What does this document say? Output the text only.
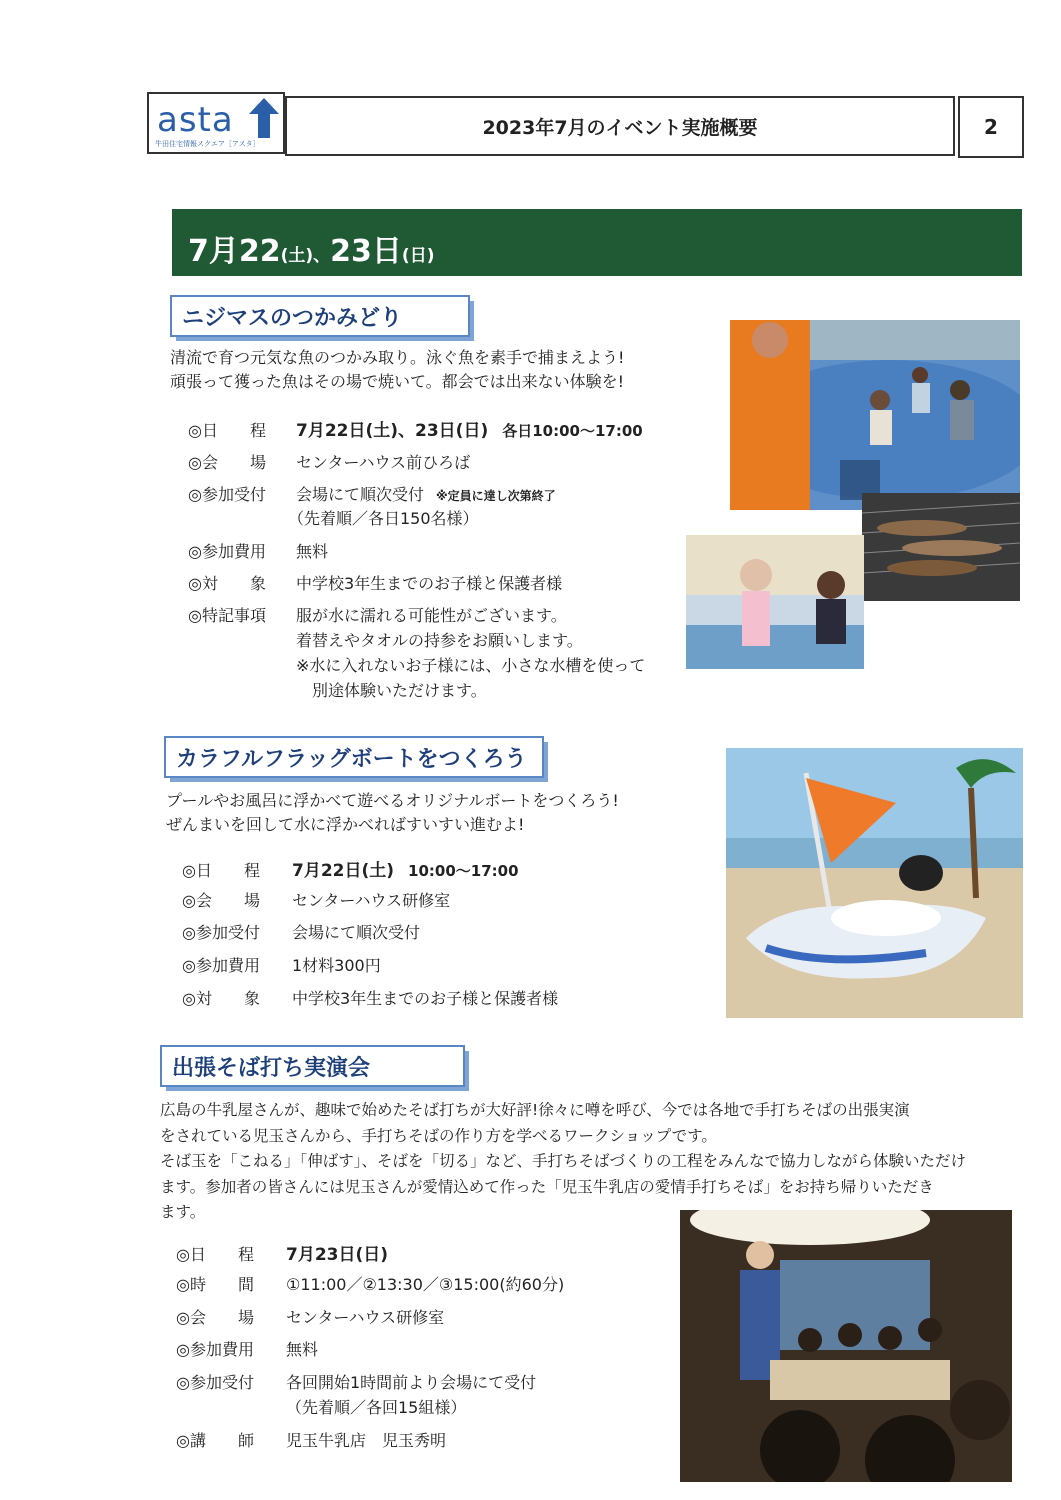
asta
牛田住宅情報スクエア［アスタ］
2023年7月のイベント実施概要	2
7月22(土)、23日(日)
ニジマスのつかみどり
清流で育つ元気な魚のつかみ取り。泳ぐ魚を素手で捕まえよう!
頑張って獲った魚はその場で焼いて。都会では出来ない体験を!
◎日　　程 7月22日(土)、23日(日) 各日10:00～17:00
◎会　　場 センターハウス前ひろば
◎参加受付 会場にて順次受付 ※定員に達し次第終了
（先着順／各日150名様）
◎参加費用 無料
◎対　　象 中学校3年生までのお子様と保護者様
◎特記事項 服が水に濡れる可能性がございます。
着替えやタオルの持参をお願いします。
※水に入れないお子様には、小さな水槽を使って
　別途体験いただけます。
カラフルフラッグボートをつくろう
プールやお風呂に浮かべて遊べるオリジナルボートをつくろう!
ぜんまいを回して水に浮かべればすいすい進むよ!
◎日　　程 7月22日(土) 10:00～17:00
◎会　　場 センターハウス研修室
◎参加受付 会場にて順次受付
◎参加費用 1材料300円
◎対　　象 中学校3年生までのお子様と保護者様
出張そば打ち実演会
広島の牛乳屋さんが、趣味で始めたそば打ちが大好評!徐々に噂を呼び、今では各地で手打ちそばの出張実演
をされている児玉さんから、手打ちそばの作り方を学べるワークショップです。
そば玉を「こねる」「伸ばす」、そばを「切る」など、手打ちそばづくりの工程をみんなで協力しながら体験いただけ
ます。参加者の皆さんには児玉さんが愛情込めて作った「児玉牛乳店の愛情手打ちそば」をお持ち帰りいただき
ます。
◎日　　程 7月23日(日)
◎時　　間 ①11:00／②13:30／③15:00(約60分)
◎会　　場 センターハウス研修室
◎参加費用 無料
◎参加受付 各回開始1時間前より会場にて受付
（先着順／各回15組様）
◎講　　師 児玉牛乳店　児玉秀明
